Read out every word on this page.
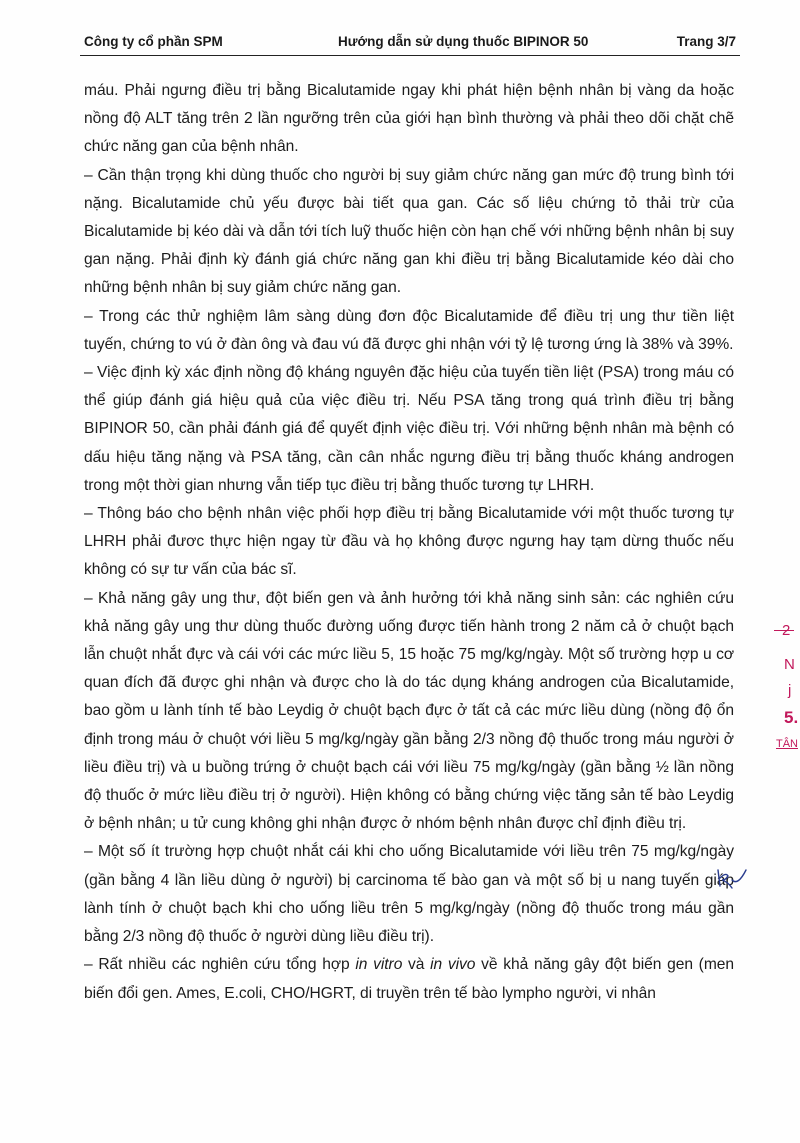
Công ty cổ phần SPM	Hướng dẫn sử dụng thuốc BIPINOR 50	Trang 3/7

máu. Phải ngưng điều trị bằng Bicalutamide ngay khi phát hiện bệnh nhân bị vàng da hoặc nồng độ ALT tăng trên 2 lần ngưỡng trên của giới hạn bình thường và phải theo dõi chặt chẽ chức năng gan của bệnh nhân.

– Cần thận trọng khi dùng thuốc cho người bị suy giảm chức năng gan mức độ trung bình tới nặng. Bicalutamide chủ yếu được bài tiết qua gan. Các số liệu chứng tỏ thải trừ của Bicalutamide bị kéo dài và dẫn tới tích luỹ thuốc hiện còn hạn chế với những bệnh nhân bị suy gan nặng. Phải định kỳ đánh giá chức năng gan khi điều trị bằng Bicalutamide kéo dài cho những bệnh nhân bị suy giảm chức năng gan.

– Trong các thử nghiệm lâm sàng dùng đơn độc Bicalutamide để điều trị ung thư tiền liệt tuyến, chứng to vú ở đàn ông và đau vú đã được ghi nhận với tỷ lệ tương ứng là 38% và 39%.

– Việc định kỳ xác định nồng độ kháng nguyên đặc hiệu của tuyến tiền liệt (PSA) trong máu có thể giúp đánh giá hiệu quả của việc điều trị. Nếu PSA tăng trong quá trình điều trị bằng BIPINOR 50, cần phải đánh giá để quyết định việc điều trị. Với những bệnh nhân mà bệnh có dấu hiệu tăng nặng và PSA tăng, cần cân nhắc ngưng điều trị bằng thuốc kháng androgen trong một thời gian nhưng vẫn tiếp tục điều trị bằng thuốc tương tự LHRH.

– Thông báo cho bệnh nhân việc phối hợp điều trị bằng Bicalutamide với một thuốc tương tự LHRH phải đươc thực hiện ngay từ đầu và họ không được ngưng hay tạm dừng thuốc nếu không có sự tư vấn của bác sĩ.

– Khả năng gây ung thư, đột biến gen và ảnh hưởng tới khả năng sinh sản: các nghiên cứu khả năng gây ung thư dùng thuốc đường uống được tiến hành trong 2 năm cả ở chuột bạch lẫn chuột nhắt đực và cái với các mức liều 5, 15 hoặc 75 mg/kg/ngày. Một số trường hợp u cơ quan đích đã được ghi nhận và được cho là do tác dụng kháng androgen của Bicalutamide, bao gồm u lành tính tế bào Leydig ở chuột bạch đực ở tất cả các mức liều dùng (nồng độ ổn định trong máu ở chuột với liều 5 mg/kg/ngày gần bằng 2/3 nồng độ thuốc trong máu người ở liều điều trị) và u buồng trứng ở chuột bạch cái với liều 75 mg/kg/ngày (gần bằng ½ lần nồng độ thuốc ở mức liều điều trị ở người). Hiện không có bằng chứng việc tăng sản tế bào Leydig ở bệnh nhân; u tử cung không ghi nhận được ở nhóm bệnh nhân được chỉ định điều trị.

– Một số ít trường hợp chuột nhắt cái khi cho uống Bicalutamide với liều trên 75 mg/kg/ngày (gần bằng 4 lần liều dùng ở người) bị carcinoma tế bào gan và một số bị u nang tuyến giáp lành tính ở chuột bạch khi cho uống liều trên 5 mg/kg/ngày (nồng độ thuốc trong máu gần bằng 2/3 nồng độ thuốc ở người dùng liều điều trị).

– Rất nhiều các nghiên cứu tổng hợp in vitro và in vivo về khả năng gây đột biến gen (men biến đổi gen. Ames, E.coli, CHO/HGRT, di truyền trên tế bào lympho người, vi nhân

2
N
j
5.
TÂN
